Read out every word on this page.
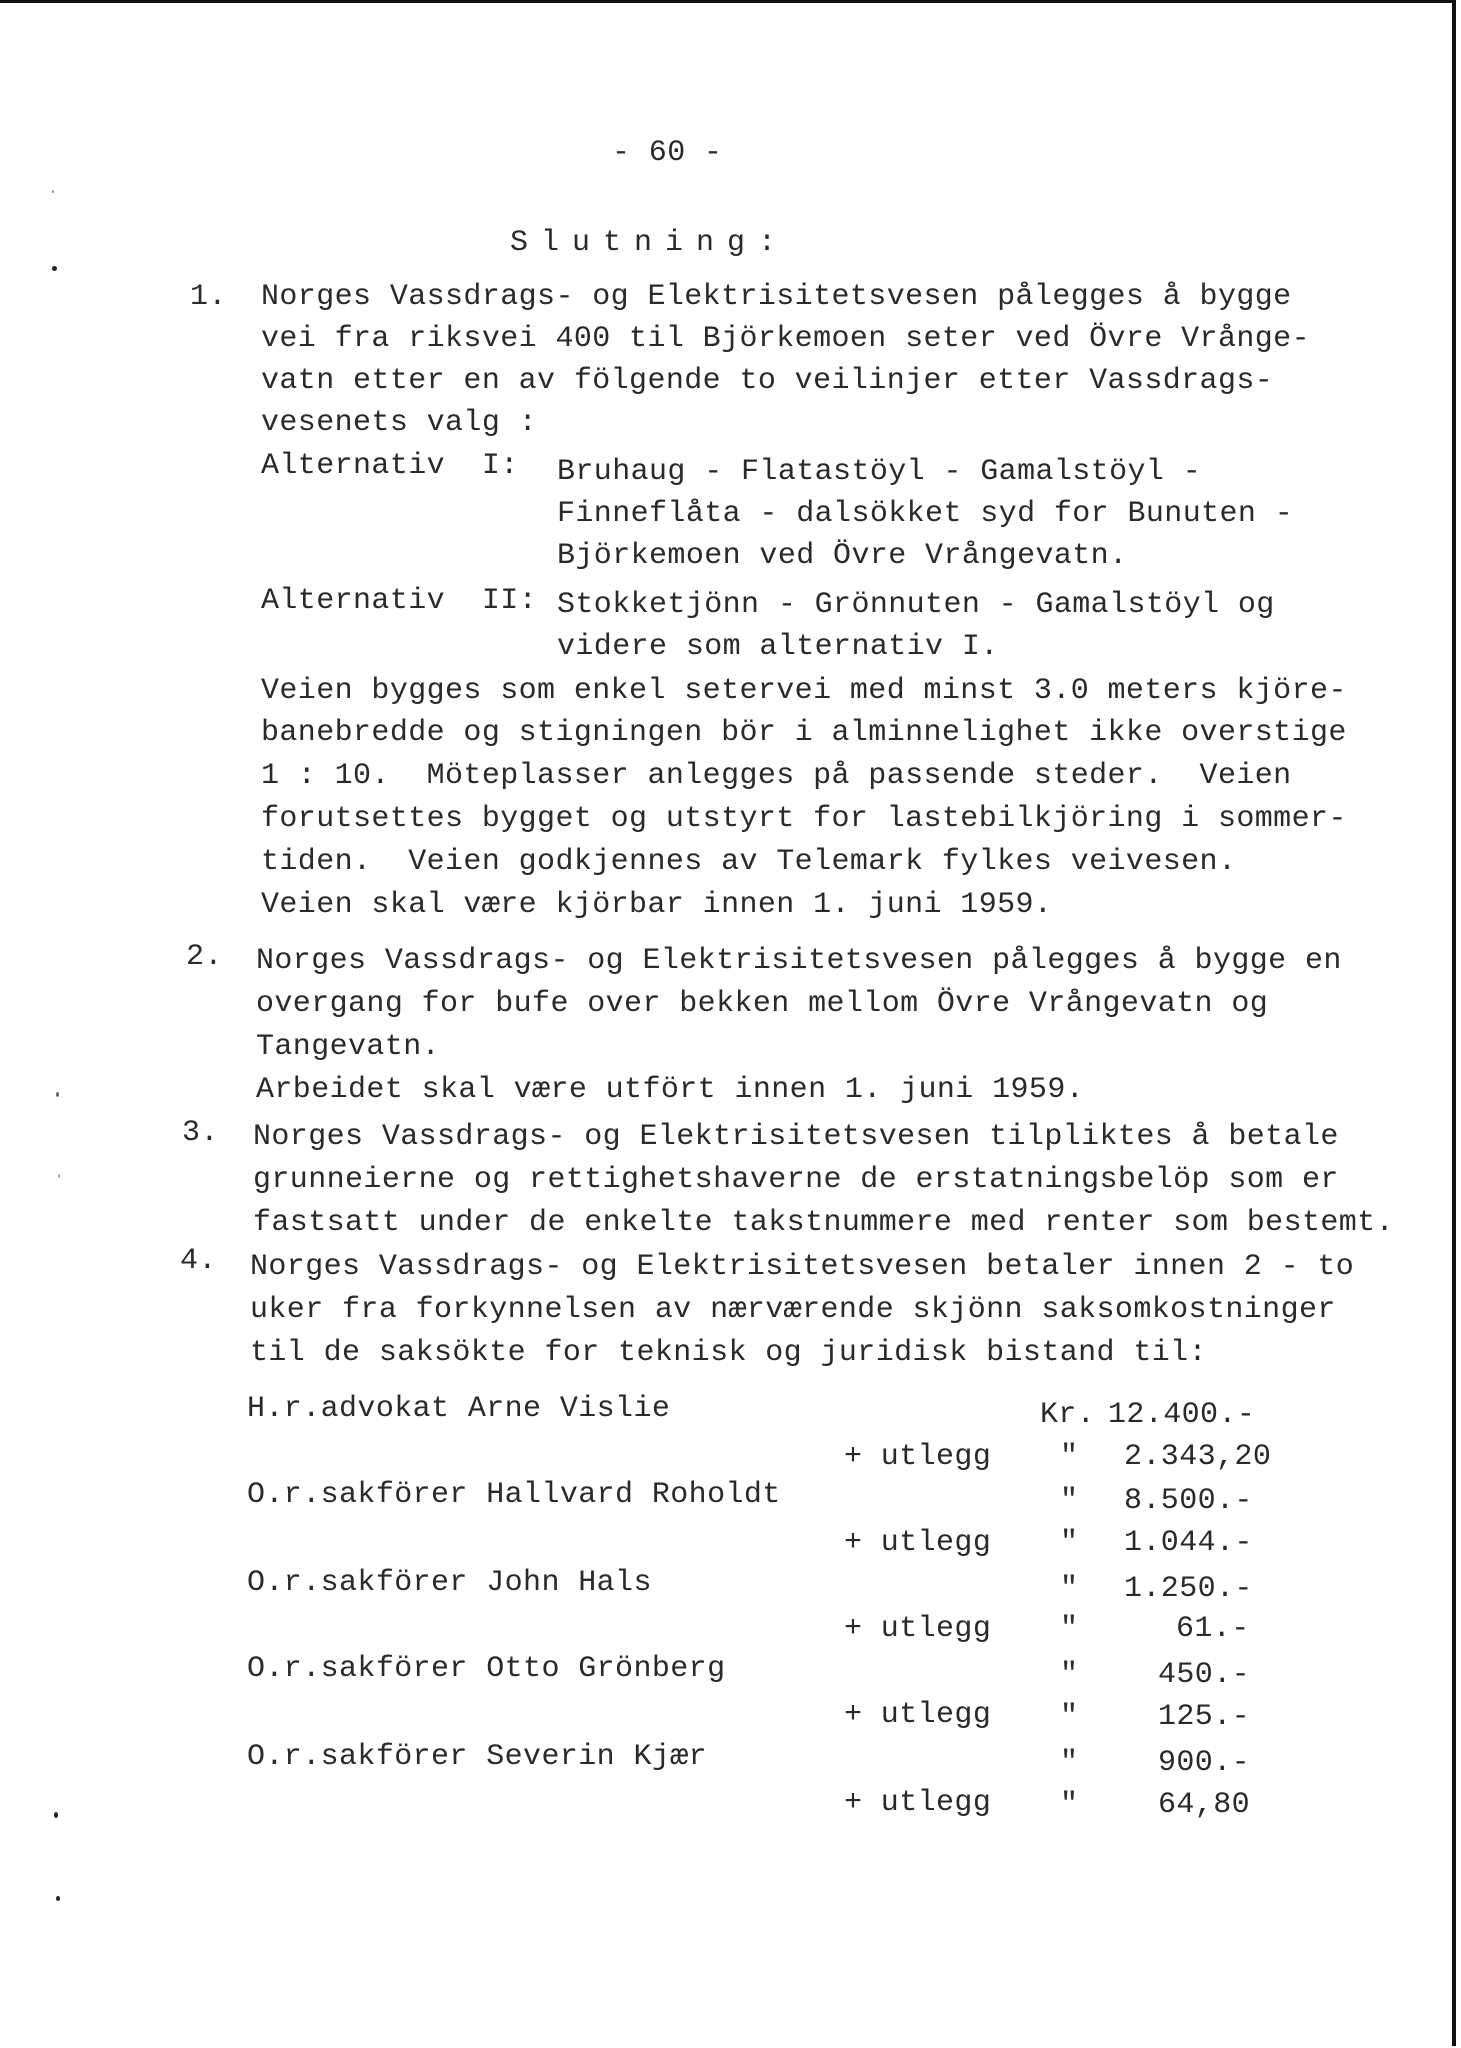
- 60 -
Slutning:
1. Norges Vassdrags- og Elektrisitetsvesen pålegges å bygge
vei fra riksvei 400 til Björkemoen seter ved Övre Vrånge-
vatn etter en av fölgende to veilinjer etter Vassdrags-
vesenets valg :
Alternativ  I: Bruhaug - Flatastöyl - Gamalstöyl -
Finneflåta - dalsökket syd for Bunuten -
Björkemoen ved Övre Vrångevatn.
Alternativ  II: Stokketjönn - Grönnuten - Gamalstöyl og
videre som alternativ I.
Veien bygges som enkel setervei med minst 3.0 meters kjöre-
banebredde og stigningen bör i alminnelighet ikke overstige
1 : 10.  Möteplasser anlegges på passende steder.  Veien
forutsettes bygget og utstyrt for lastebilkjöring i sommer-
tiden.  Veien godkjennes av Telemark fylkes veivesen.
Veien skal være kjörbar innen 1. juni 1959.
2. Norges Vassdrags- og Elektrisitetsvesen pålegges å bygge en
overgang for bufe over bekken mellom Övre Vrångevatn og
Tangevatn.
Arbeidet skal være utfört innen 1. juni 1959.
3. Norges Vassdrags- og Elektrisitetsvesen tilpliktes å betale
grunneierne og rettighetshaverne de erstatningsbelöp som er
fastsatt under de enkelte takstnummere med renter som bestemt.
4. Norges Vassdrags- og Elektrisitetsvesen betaler innen 2 - to
uker fra forkynnelsen av nærværende skjönn saksomkostninger
til de saksökte for teknisk og juridisk bistand til:
H.r.advokat Arne Vislie	Kr. 12.400.-
+ utlegg " 2.343,20
O.r.sakförer Hallvard Roholdt	" 8.500.-
+ utlegg " 1.044.-
O.r.sakförer John Hals	" 1.250.-
+ utlegg "	61.-
O.r.sakförer Otto Grönberg	"	450.-
+ utlegg "	125.-
O.r.sakförer Severin Kjær	"	900.-
+ utlegg "	64,80
